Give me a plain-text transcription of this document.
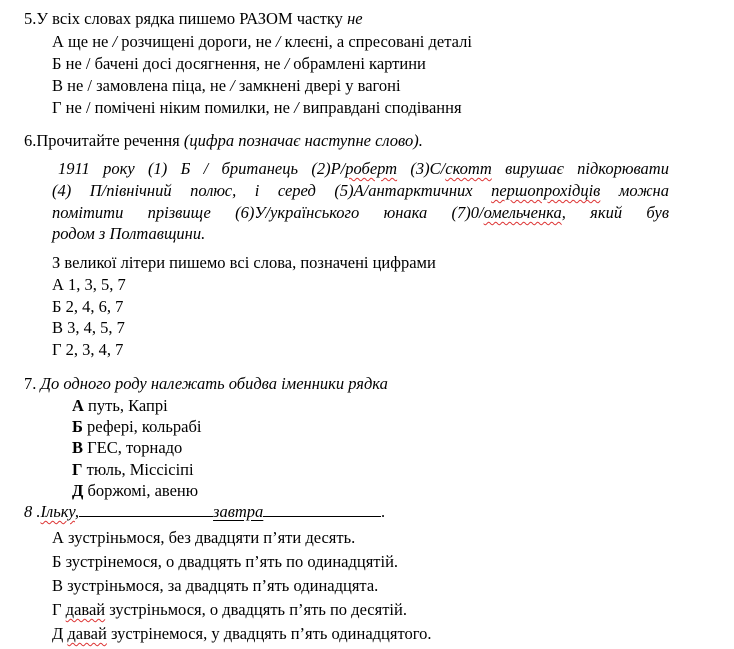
5.У всіх словах рядка пишемо РАЗОМ частку не
А ще не / розчищені дороги, не / клеєні, а спресовані деталі
Б не / бачені досі досягнення, не / обрамлені картини
В не / замовлена піца, не / замкнені двері у вагоні
Г не / помічені ніким помилки, не / виправдані сподівання
6.Прочитайте речення (цифра позначає наступне слово).
1911 року (1) Б / британець (2)Р/роберт (3)С/скотт вирушає підкорювати
(4) П/північний полюс, і серед (5)А/антарктичних першопрохідців можна
помітити прізвище (6)У/українського юнака (7)0/омельченка, який був
родом з Полтавщини.
З великої літери пишемо всі слова, позначені цифрами
А 1, 3, 5, 7
Б 2, 4, 6, 7
В 3, 4, 5, 7
Г 2, 3, 4, 7
7. До одного роду належать обидва іменники рядка
А путь, Капрі
Б рефері, кольрабі
В ГЕС, торнадо
Г тюль, Міссісіпі
Д боржомі, авеню
8 .Ільку,	завтра	.
А зустріньмося, без двадцяти п’яти десять.
Б зустрінемося, о двадцять п’ять по одинадцятій.
В зустріньмося, за двадцять п’ять одинадцята.
Г давай зустріньмося, о двадцять п’ять по десятій.
Д давай зустрінемося, у двадцять п’ять одинадцятого.
